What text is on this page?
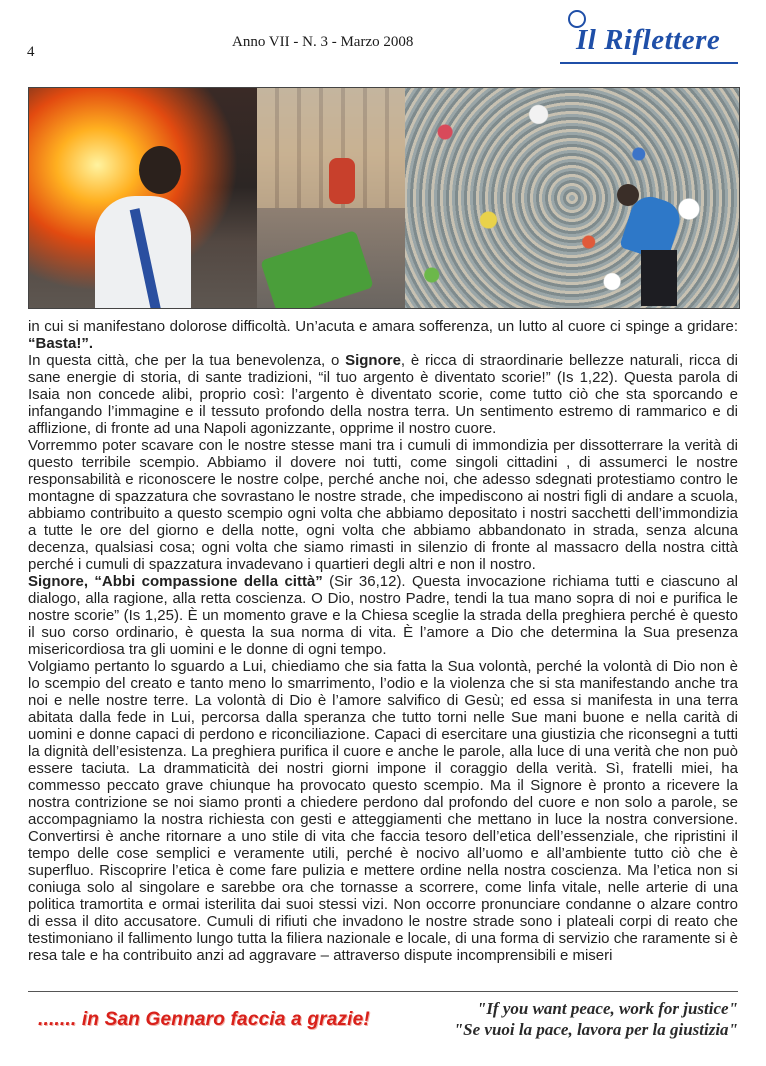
4
Anno VII - N. 3 - Marzo 2008	Il Riflettere

in cui si manifestano dolorose difficoltà. Un’acuta e amara sofferenza, un lutto al cuore ci spinge a gridare: “Basta!”.

In questa città, che per la tua benevolenza, o Signore, è ricca di straordinarie bellezze naturali, ricca di sane energie di storia, di sante tradizioni, “il tuo argento è diventato scorie!” (Is 1,22). Questa parola di Isaia non concede alibi, proprio così: l’argento è diventato scorie, come tutto ciò che sta sporcando e infangando l’immagine e il tessuto profondo della nostra terra. Un sentimento estremo di rammarico e di afflizione, di fronte ad una Napoli agonizzante, opprime il nostro cuore.

Vorremmo poter scavare con le nostre stesse mani tra i cumuli di immondizia per dissotterrare la verità di questo terribile scempio. Abbiamo il dovere noi tutti, come singoli cittadini , di assumerci le nostre responsabilità e riconoscere le nostre colpe, perché anche noi, che adesso sdegnati protestiamo contro le montagne di spazzatura che sovrastano le nostre strade, che impediscono ai nostri figli di andare a scuola, abbiamo contribuito a questo scempio ogni volta che abbiamo depositato i nostri sacchetti dell’immondizia a tutte le ore del giorno e della notte, ogni volta che abbiamo abbandonato in strada, senza alcuna decenza, qualsiasi cosa; ogni volta che siamo rimasti in silenzio di fronte al massacro della nostra città perché i cumuli di spazzatura invadevano i quartieri degli altri e non il nostro.

Signore, “Abbi compassione della città” (Sir 36,12). Questa invocazione richiama tutti e ciascuno al dialogo, alla ragione, alla retta coscienza. O Dio, nostro Padre, tendi la tua mano sopra di noi e purifica le nostre scorie” (Is 1,25). È un momento grave e la Chiesa sceglie la strada della preghiera perché è questo il suo corso ordinario, è questa la sua norma di vita. È l’amore a Dio che determina la Sua presenza misericordiosa tra gli uomini e le donne di ogni tempo.

Volgiamo pertanto lo sguardo a Lui, chiediamo che sia fatta la Sua volontà, perché la volontà di Dio non è lo scempio del creato e tanto meno lo smarrimento, l’odio e la violenza che si sta manifestando anche tra noi e nelle nostre terre. La volontà di Dio è l’amore salvifico di Gesù; ed essa si manifesta in una terra abitata dalla fede in Lui, percorsa dalla speranza che tutto torni nelle Sue mani buone e nella carità di uomini e donne capaci di perdono e riconciliazione. Capaci di esercitare una giustizia che riconsegni a tutti la dignità dell’esistenza. La preghiera purifica il cuore e anche le parole, alla luce di una verità che non può essere taciuta. La drammaticità dei nostri giorni impone il coraggio della verità. Sì, fratelli miei, ha commesso peccato grave chiunque ha provocato questo scempio. Ma il Signore è pronto a ricevere la nostra contrizione se noi siamo pronti a chiedere perdono dal profondo del cuore e non solo a parole, se accompagniamo la nostra richiesta con gesti e atteggiamenti che mettano in luce la nostra conversione. Convertirsi è anche ritornare a uno stile di vita che faccia tesoro dell’etica dell’essenziale, che ripristini il tempo delle cose semplici e veramente utili, perché è nocivo all’uomo e all’ambiente tutto ciò che è superfluo. Riscoprire l’etica è come fare pulizia e mettere ordine nella nostra coscienza. Ma l’etica non si coniuga solo al singolare e sarebbe ora che tornasse a scorrere, come linfa vitale, nelle arterie di una politica tramortita e ormai isterilita dai suoi stessi vizi. Non occorre pronunciare condanne o alzare contro di essa il dito accusatore. Cumuli di rifiuti che invadono le nostre strade sono i plateali corpi di reato che testimoniano il fallimento lungo tutta la filiera nazionale e locale, di una forma di servizio che raramente si è resa tale e ha contribuito anzi ad aggravare – attraverso dispute incomprensibili e miseri

....... in San Gennaro faccia a grazie!
"If you want peace, work for justice"
"Se vuoi la pace, lavora per la giustizia"
